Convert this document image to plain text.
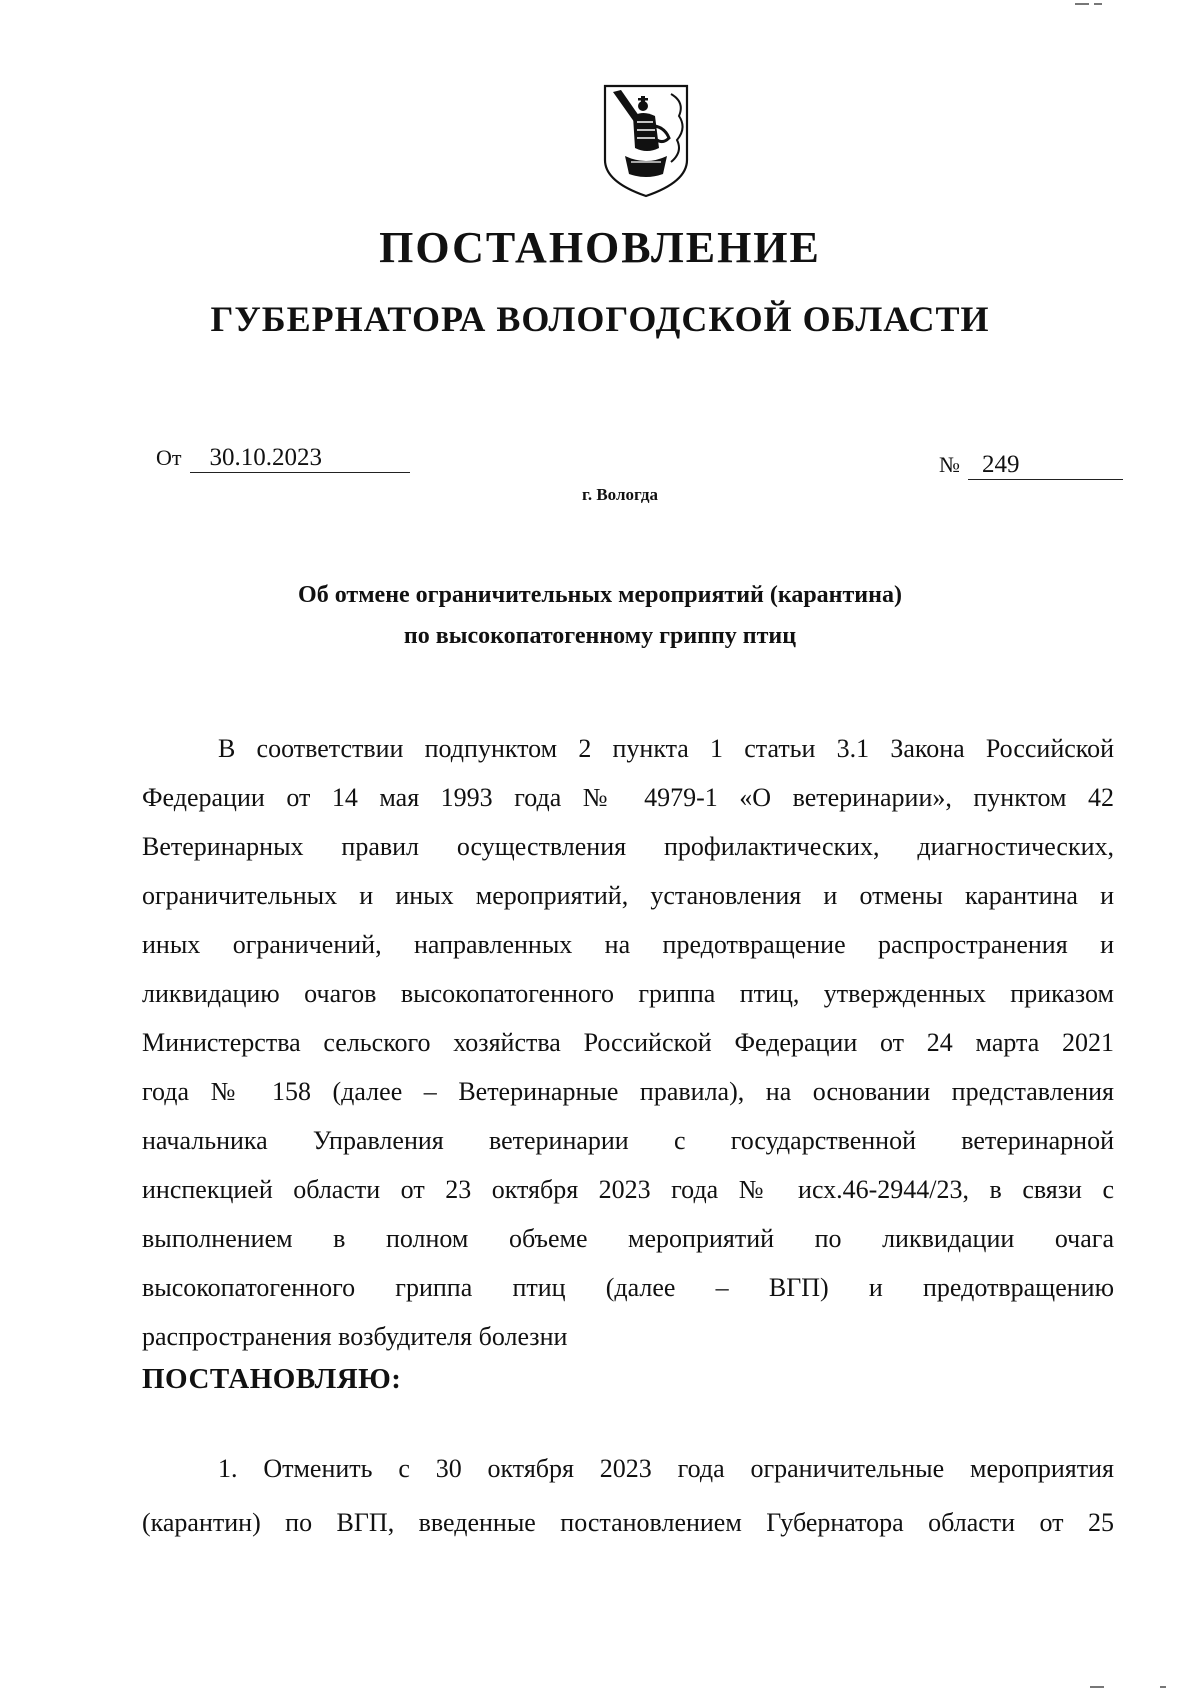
ПОСТАНОВЛЕНИЕ
ГУБЕРНАТОРА ВОЛОГОДСКОЙ ОБЛАСТИ
От 30.10.2023	№ 249
г. Вологда
Об отмене ограничительных мероприятий (карантина)
по высокопатогенному гриппу птиц
В соответствии подпунктом 2 пункта 1 статьи 3.1 Закона Российской
Федерации от 14 мая 1993 года № 4979-1 «О ветеринарии», пунктом 42
Ветеринарных правил осуществления профилактических, диагностических,
ограничительных и иных мероприятий, установления и отмены карантина и
иных ограничений, направленных на предотвращение распространения и
ликвидацию очагов высокопатогенного гриппа птиц, утвержденных приказом
Министерства сельского хозяйства Российской Федерации от 24 марта 2021
года № 158 (далее – Ветеринарные правила), на основании представления
начальника Управления ветеринарии с государственной ветеринарной
инспекцией области от 23 октября 2023 года № исх.46-2944/23, в связи с
выполнением в полном объеме мероприятий по ликвидации очага
высокопатогенного гриппа птиц (далее – ВГП) и предотвращению
распространения возбудителя болезни
ПОСТАНОВЛЯЮ:
1. Отменить с 30 октября 2023 года ограничительные мероприятия
(карантин) по ВГП, введенные постановлением Губернатора области от 25
